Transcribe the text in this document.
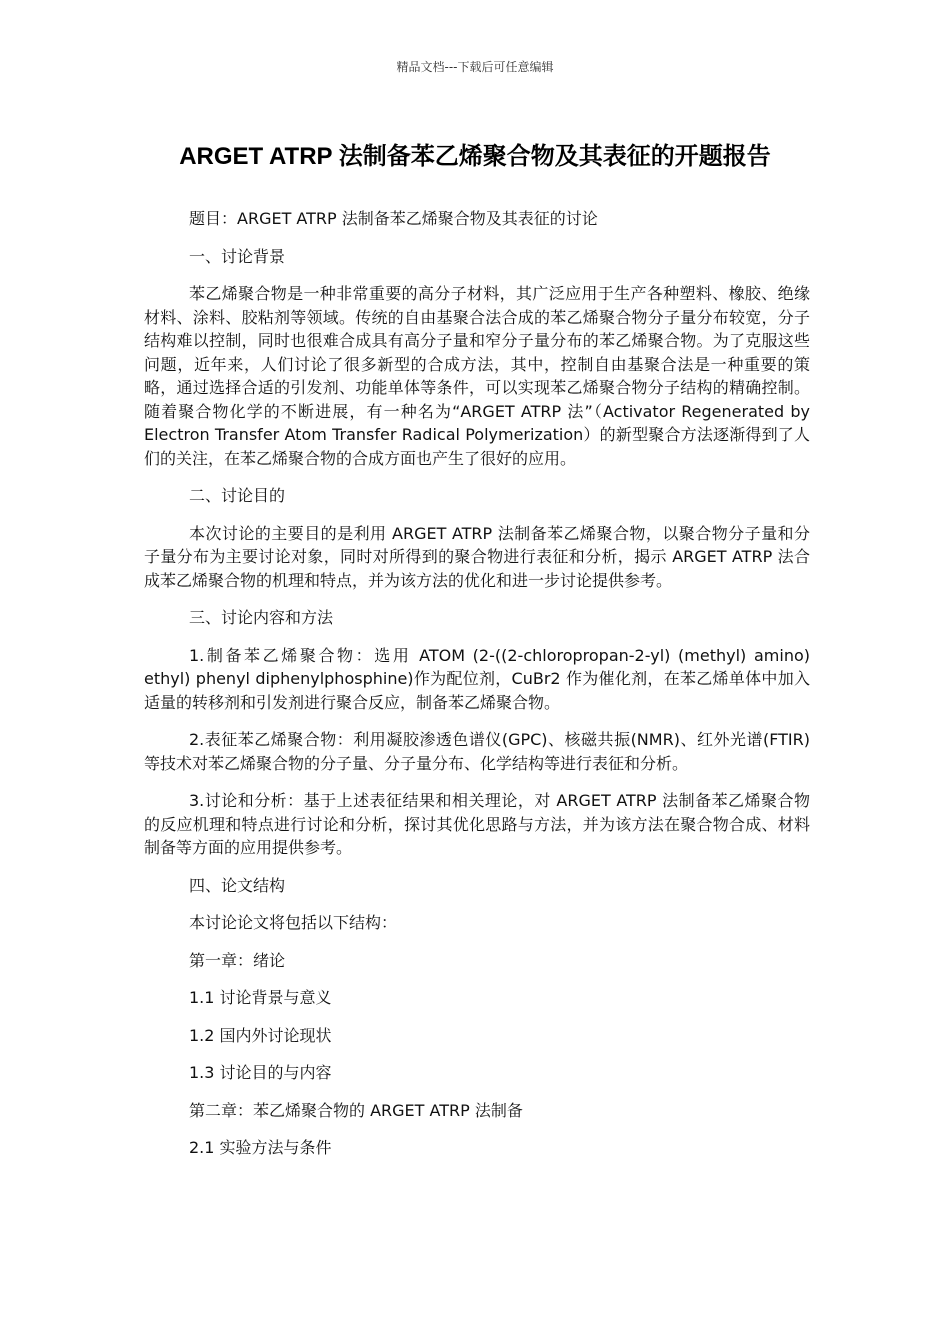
精品文档---下载后可任意编辑
ARGET ATRP 法制备苯乙烯聚合物及其表征的开题报告

题目：ARGET ATRP 法制备苯乙烯聚合物及其表征的讨论

一、讨论背景

苯乙烯聚合物是一种非常重要的高分子材料，其广泛应用于生产各种塑料、橡胶、绝缘材料、涂料、胶粘剂等领域。传统的自由基聚合法合成的苯乙烯聚合物分子量分布较宽，分子结构难以控制，同时也很难合成具有高分子量和窄分子量分布的苯乙烯聚合物。为了克服这些问题，近年来，人们讨论了很多新型的合成方法，其中，控制自由基聚合法是一种重要的策略，通过选择合适的引发剂、功能单体等条件，可以实现苯乙烯聚合物分子结构的精确控制。随着聚合物化学的不断进展，有一种名为“ARGET ATRP 法”（Activator Regenerated by Electron Transfer Atom Transfer Radical Polymerization）的新型聚合方法逐渐得到了人们的关注，在苯乙烯聚合物的合成方面也产生了很好的应用。

二、讨论目的

本次讨论的主要目的是利用 ARGET ATRP 法制备苯乙烯聚合物，以聚合物分子量和分子量分布为主要讨论对象，同时对所得到的聚合物进行表征和分析，揭示 ARGET ATRP 法合成苯乙烯聚合物的机理和特点，并为该方法的优化和进一步讨论提供参考。

三、讨论内容和方法

1.制备苯乙烯聚合物：选用 ATOM (2-((2-chloropropan-2-yl) (methyl) amino) ethyl) phenyl diphenylphosphine)作为配位剂，CuBr2 作为催化剂，在苯乙烯单体中加入适量的转移剂和引发剂进行聚合反应，制备苯乙烯聚合物。

2.表征苯乙烯聚合物：利用凝胶渗透色谱仪(GPC)、核磁共振(NMR)、红外光谱(FTIR)等技术对苯乙烯聚合物的分子量、分子量分布、化学结构等进行表征和分析。

3.讨论和分析：基于上述表征结果和相关理论，对 ARGET ATRP 法制备苯乙烯聚合物的反应机理和特点进行讨论和分析，探讨其优化思路与方法，并为该方法在聚合物合成、材料制备等方面的应用提供参考。

四、论文结构

本讨论论文将包括以下结构：

第一章：绪论

1.1 讨论背景与意义

1.2 国内外讨论现状

1.3 讨论目的与内容

第二章：苯乙烯聚合物的 ARGET ATRP 法制备

2.1 实验方法与条件
